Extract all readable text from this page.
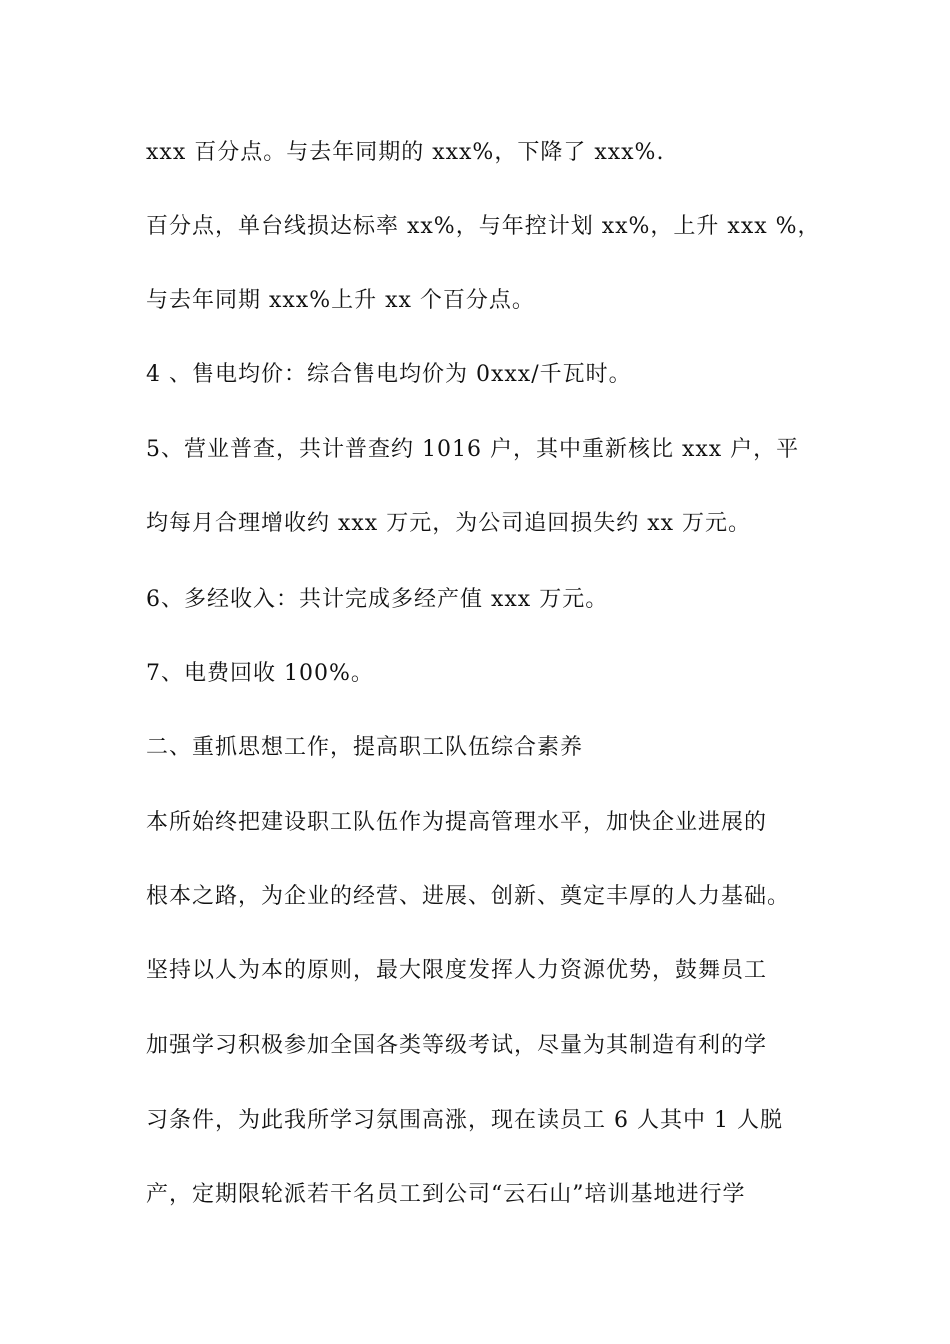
xxx 百分点。与去年同期的 xxx%，下降了 xxx%.

百分点，单台线损达标率 xx%，与年控计划 xx%，上升 xxx %，

与去年同期 xxx%上升 xx 个百分点。

4 、售电均价：综合售电均价为 0xxx/千瓦时。

5、营业普查，共计普查约 1016 户，其中重新核比 xxx 户，平

均每月合理增收约 xxx 万元，为公司追回损失约 xx 万元。

6、多经收入：共计完成多经产值 xxx 万元。

7、电费回收 100%。

二、重抓思想工作，提高职工队伍综合素养

本所始终把建设职工队伍作为提高管理水平，加快企业进展的

根本之路，为企业的经营、进展、创新、奠定丰厚的人力基础。

坚持以人为本的原则，最大限度发挥人力资源优势，鼓舞员工

加强学习积极参加全国各类等级考试，尽量为其制造有利的学

习条件，为此我所学习氛围高涨，现在读员工 6 人其中 1 人脱

产，定期限轮派若干名员工到公司“云石山”培训基地进行学
